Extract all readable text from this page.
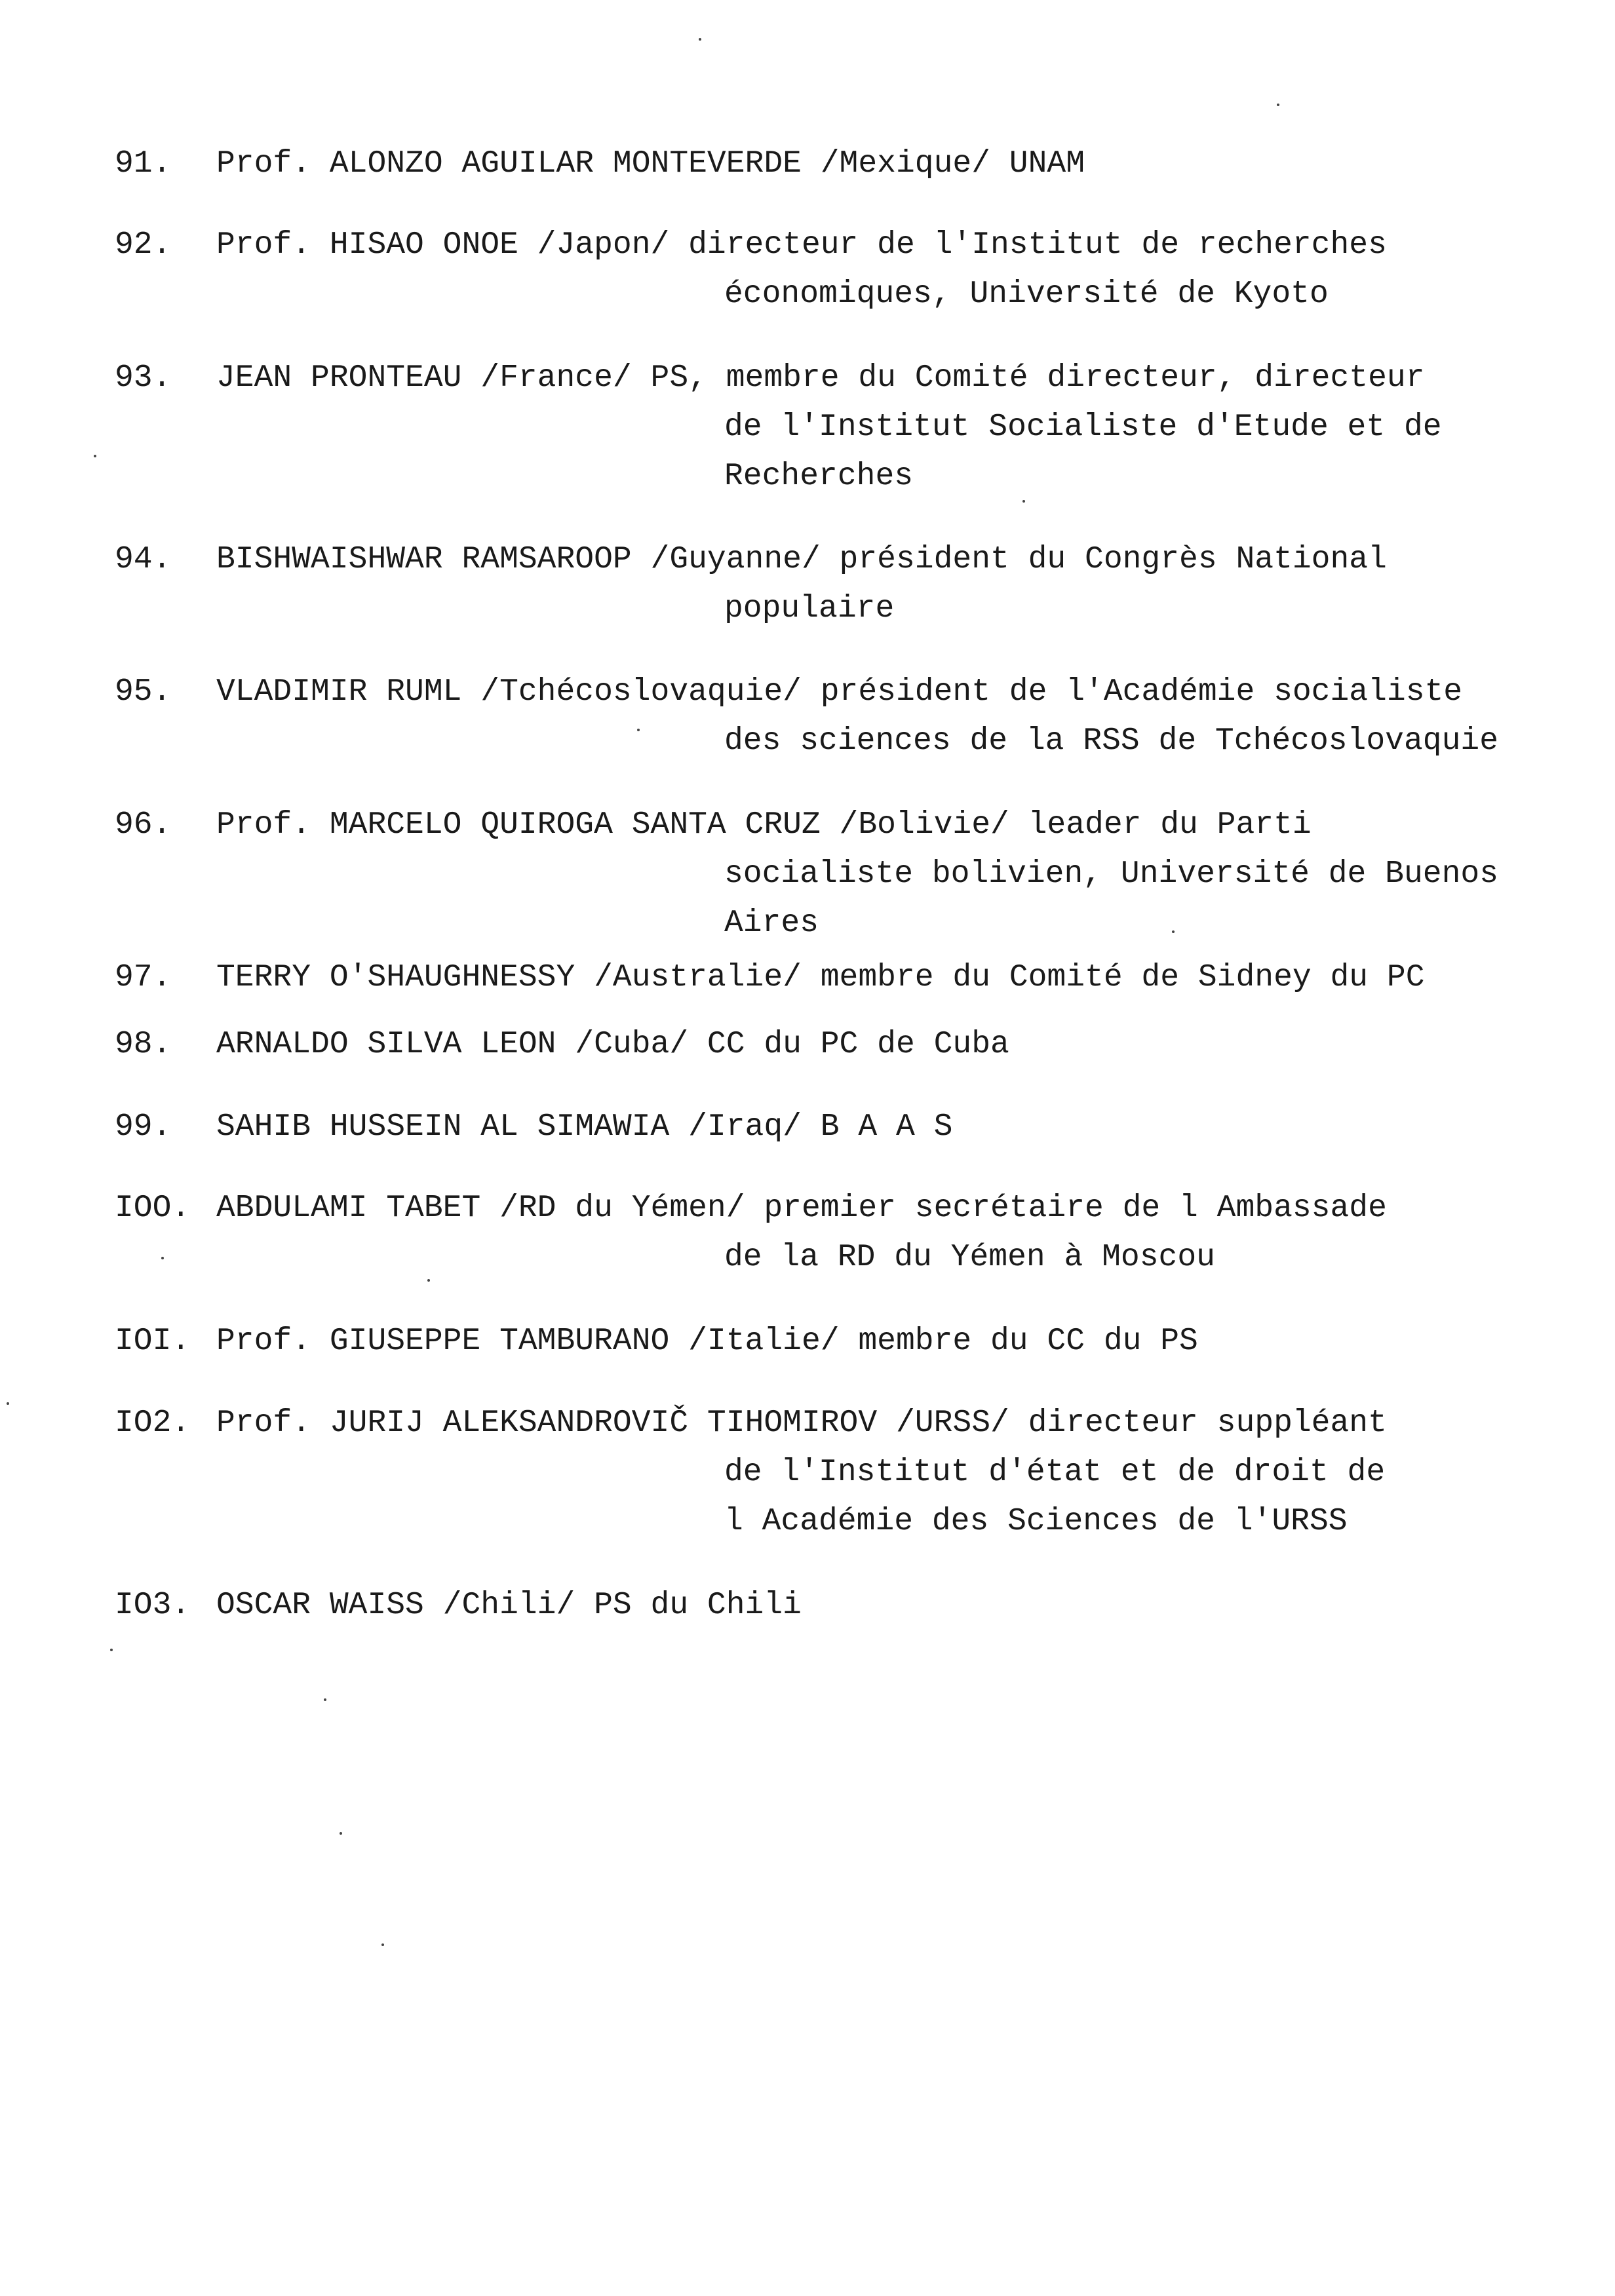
91. Prof. ALONZO AGUILAR MONTEVERDE /Mexique/ UNAM
92. Prof. HISAO ONOE /Japon/ directeur de l'Institut de recherches
économiques, Université de Kyoto
93. JEAN PRONTEAU /France/ PS, membre du Comité directeur, directeur
de l'Institut Socialiste d'Etude et de
Recherches
94. BISHWAISHWAR RAMSAROOP /Guyanne/ président du Congrès National
populaire
95. VLADIMIR RUML /Tchécoslovaquie/ président de l'Académie socialiste
des sciences de la RSS de Tchécoslovaquie
96. Prof. MARCELO QUIROGA SANTA CRUZ /Bolivie/ leader du Parti
socialiste bolivien, Université de Buenos
Aires
97. TERRY O'SHAUGHNESSY /Australie/ membre du Comité de Sidney du PC
98. ARNALDO SILVA LEON /Cuba/ CC du PC de Cuba
99. SAHIB HUSSEIN AL SIMAWIA /Iraq/ B A A S
IOO. ABDULAMI TABET /RD du Yémen/ premier secrétaire de l Ambassade
de la RD du Yémen à Moscou
IOI. Prof. GIUSEPPE TAMBURANO /Italie/ membre du CC du PS
IO2. Prof. JURIJ ALEKSANDROVIČ TIHOMIROV /URSS/ directeur suppléant
de l'Institut d'état et de droit de
l Académie des Sciences de l'URSS
IO3. OSCAR WAISS /Chili/ PS du Chili
